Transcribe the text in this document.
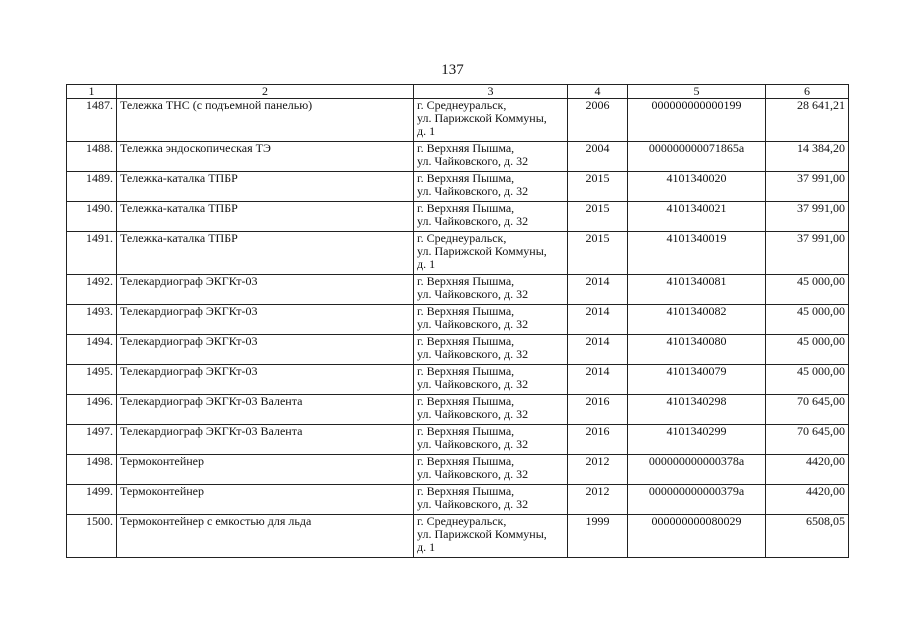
137
1	2	3	4	5	6
1487.	Тележка ТНС (с подъемной панелью)	г. Среднеуральск,
ул. Парижской Коммуны,
д. 1	2006	000000000000199	28 641,21
1488.	Тележка эндоскопическая ТЭ	г. Верхняя Пышма,
ул. Чайковского, д. 32	2004	000000000071865а	14 384,20
1489.	Тележка-каталка ТПБР	г. Верхняя Пышма,
ул. Чайковского, д. 32	2015	4101340020	37 991,00
1490.	Тележка-каталка ТПБР	г. Верхняя Пышма,
ул. Чайковского, д. 32	2015	4101340021	37 991,00
1491.	Тележка-каталка ТПБР	г. Среднеуральск,
ул. Парижской Коммуны,
д. 1	2015	4101340019	37 991,00
1492.	Телекардиограф ЭКГКт-03	г. Верхняя Пышма,
ул. Чайковского, д. 32	2014	4101340081	45 000,00
1493.	Телекардиограф ЭКГКт-03	г. Верхняя Пышма,
ул. Чайковского, д. 32	2014	4101340082	45 000,00
1494.	Телекардиограф ЭКГКт-03	г. Верхняя Пышма,
ул. Чайковского, д. 32	2014	4101340080	45 000,00
1495.	Телекардиограф ЭКГКт-03	г. Верхняя Пышма,
ул. Чайковского, д. 32	2014	4101340079	45 000,00
1496.	Телекардиограф ЭКГКт-03 Валента	г. Верхняя Пышма,
ул. Чайковского, д. 32	2016	4101340298	70 645,00
1497.	Телекардиограф ЭКГКт-03 Валента	г. Верхняя Пышма,
ул. Чайковского, д. 32	2016	4101340299	70 645,00
1498.	Термоконтейнер	г. Верхняя Пышма,
ул. Чайковского, д. 32	2012	000000000000378а	4420,00
1499.	Термоконтейнер	г. Верхняя Пышма,
ул. Чайковского, д. 32	2012	000000000000379а	4420,00
1500.	Термоконтейнер с емкостью для льда	г. Среднеуральск,
ул. Парижской Коммуны,
д. 1	1999	000000000080029	6508,05
